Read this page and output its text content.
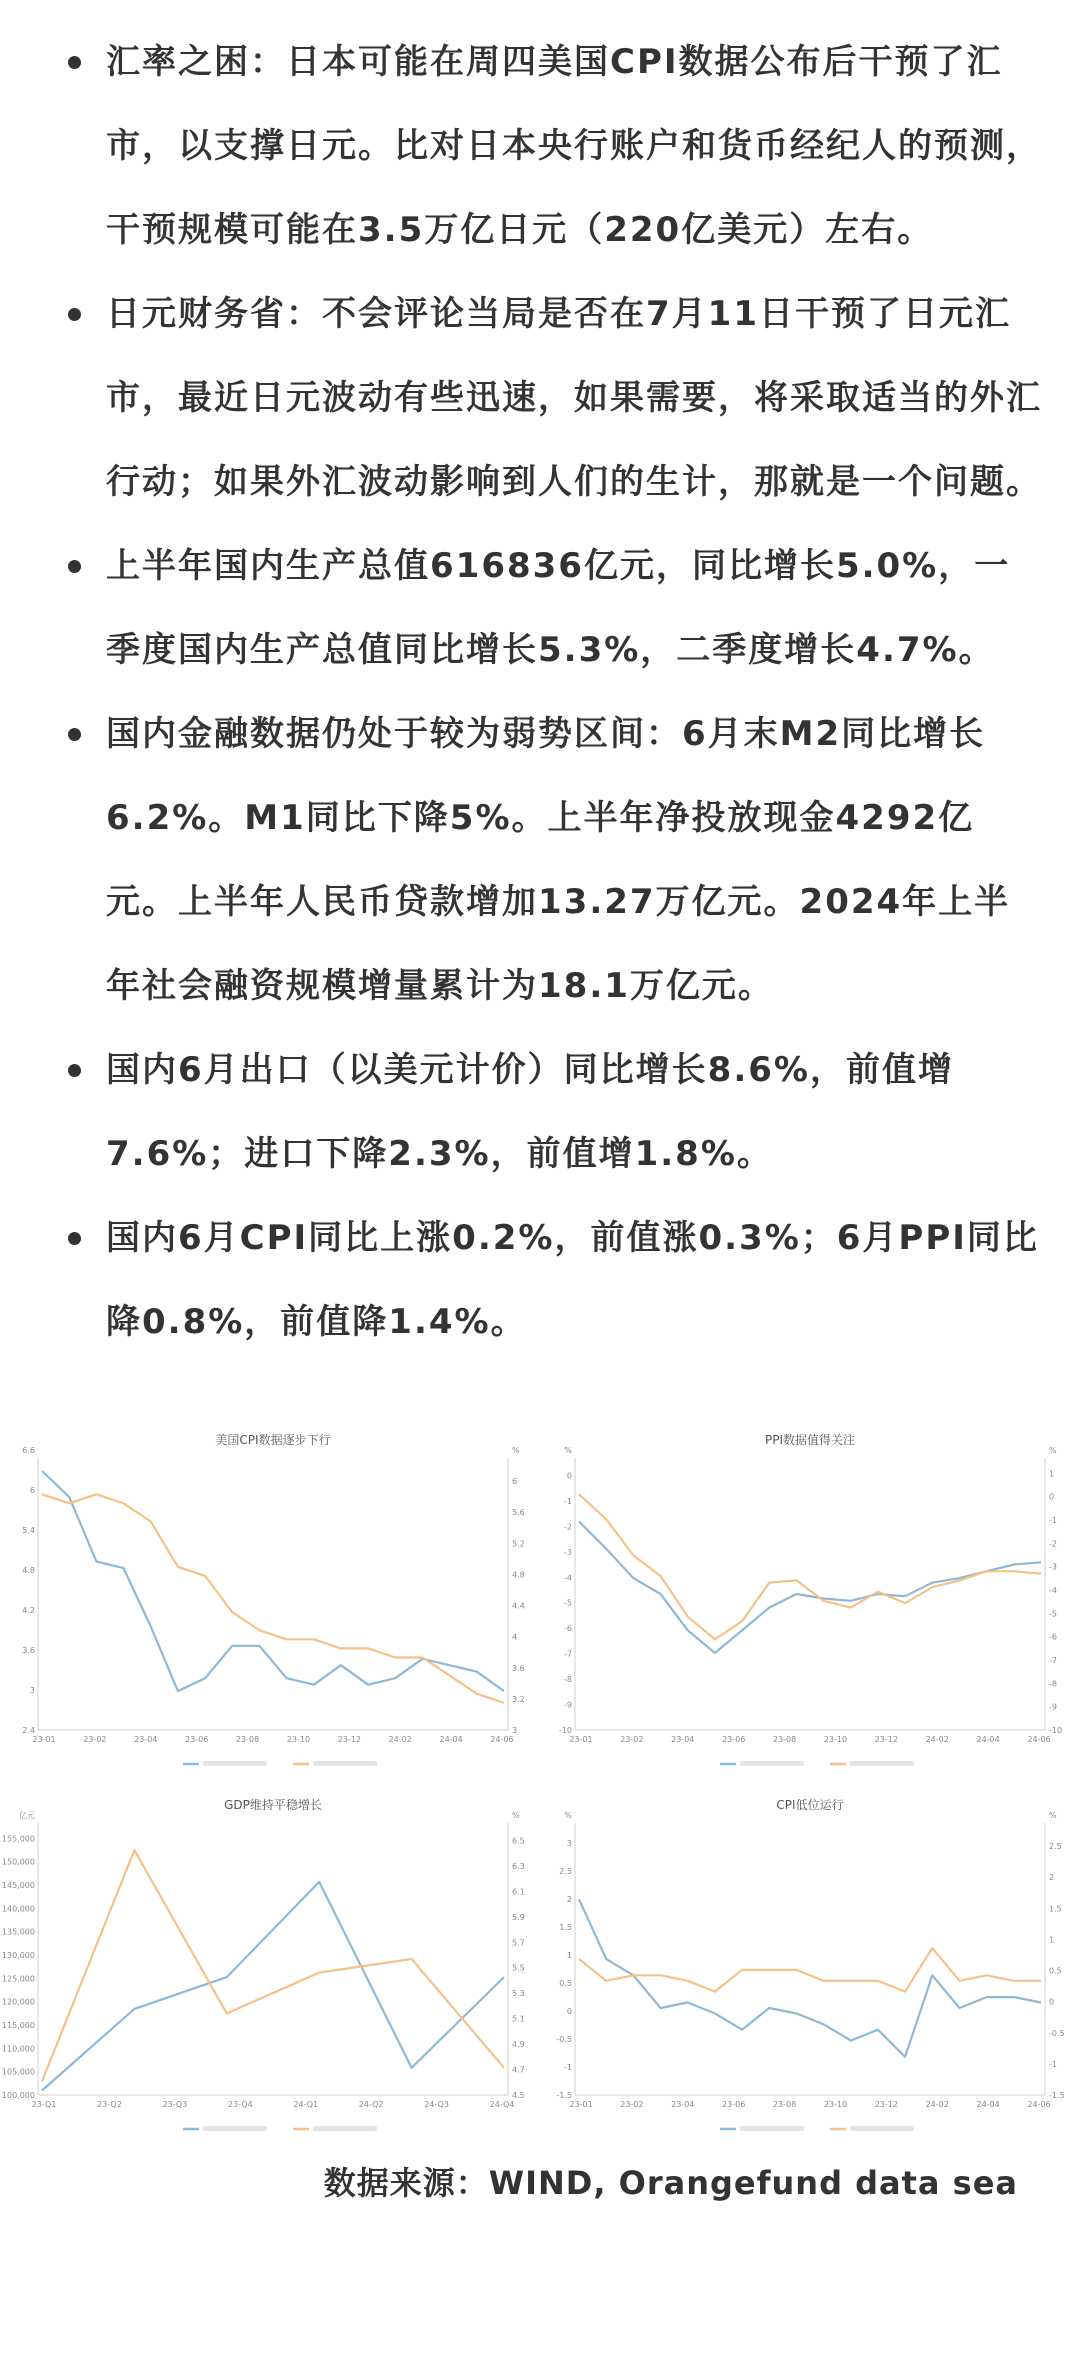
汇率之困：日本可能在周四美国CPI数据公布后干预了汇市，以支撑日元。比对日本央行账户和货币经纪人的预测，干预规模可能在3.5万亿日元（220亿美元）左右。
日元财务省：不会评论当局是否在7月11日干预了日元汇市，最近日元波动有些迅速，如果需要，将采取适当的外汇行动；如果外汇波动影响到人们的生计，那就是一个问题。
上半年国内生产总值616836亿元，同比增长5.0%，一季度国内生产总值同比增长5.3%，二季度增长4.7%。
国内金融数据仍处于较为弱势区间：6月末M2同比增长6.2%。M1同比下降5%。上半年净投放现金4292亿元。上半年人民币贷款增加13.27万亿元。2024年上半年社会融资规模增量累计为18.1万亿元。
国内6月出口（以美元计价）同比增长8.6%，前值增7.6%；进口下降2.3%，前值增1.8%。
国内6月CPI同比上涨0.2%，前值涨0.3%；6月PPI同比降0.8%，前值降1.4%。
美国CPI数据逐步下行
6.6
6
5.4
4.8
4.2
3.6
3
2.4
%
6
5.6
5.2
4.8
4.4
4
3.6
3.2
3
23-01	23-02	23-04	23-06	23-08	23-10	23-12	24-02	24-04	24-06
PPI数据值得关注
%
0
-1
-2
-3
-4
-5
-6
-7
-8
-9
-10
%
1
0
-1
-2
-3
-4
-5
-6
-7
-8
-9
-10
23-01	23-02	23-04	23-06	23-08	23-10	23-12	24-02	24-04	24-06
GDP维持平稳增长
亿元
155,000
150,000
145,000
140,000
135,000
130,000
125,000
120,000
115,000
110,000
105,000
100,000
%
6.5
6.3
6.1
5.9
5.7
5.5
5.3
5.1
4.9
4.7
4.5
23-Q1	23-Q2	23-Q3	23-Q4	24-Q1	24-Q2	24-Q3	24-Q4
CPI低位运行
%
3
2.5
2
1.5
1
0.5
0
-0.5
-1
-1.5
%
2.5
2
1.5
1
0.5
0
-0.5
-1
-1.5
23-01	23-02	23-04	23-06	23-08	23-10	23-12	24-02	24-04	24-06
数据来源：WIND, Orangefund data sea
